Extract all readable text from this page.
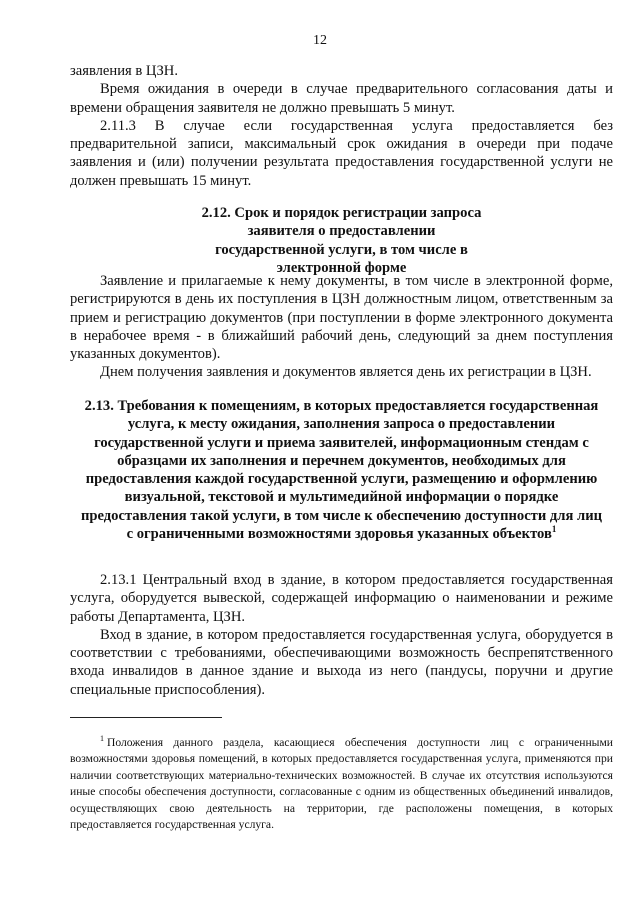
12

заявления в ЦЗН.

Время ожидания в очереди в случае предварительного согласования даты и времени обращения заявителя не должно превышать 5 минут.

2.11.3 В случае если государственная услуга предоставляется без предварительной записи, максимальный срок ожидания в очереди при подаче заявления и (или) получении результата предоставления государственной услуги не должен превышать 15 минут.

2.12. Срок и порядок регистрации запроса заявителя о предоставлении государственной услуги, в том числе в электронной форме

Заявление и прилагаемые к нему документы, в том числе в электронной форме, регистрируются в день их поступления в ЦЗН должностным лицом, ответственным за прием и регистрацию документов (при поступлении в форме электронного документа в нерабочее время - в ближайший рабочий день, следующий за днем поступления указанных документов).

Днем получения заявления и документов является день их регистрации в ЦЗН.

2.13. Требования к помещениям, в которых предоставляется государственная услуга, к месту ожидания, заполнения запроса о предоставлении государственной услуги и приема заявителей, информационным стендам с образцами их заполнения и перечнем документов, необходимых для предоставления каждой государственной услуги, размещению и оформлению визуальной, текстовой и мультимедийной информации о порядке предоставления такой услуги, в том числе к обеспечению доступности для лиц с ограниченными возможностями здоровья указанных объектов$^1$

2.13.1 Центральный вход в здание, в котором предоставляется государственная услуга, оборудуется вывеской, содержащей информацию о наименовании и режиме работы Департамента, ЦЗН.

Вход в здание, в котором предоставляется государственная услуга, оборудуется в соответствии с требованиями, обеспечивающими возможность беспрепятственного входа инвалидов в данное здание и выхода из него (пандусы, поручни и другие специальные приспособления).

$^1$ Положения данного раздела, касающиеся обеспечения доступности лиц с ограниченными возможностями здоровья помещений, в которых предоставляется государственная услуга, применяются при наличии соответствующих материально-технических возможностей. В случае их отсутствия используются иные способы обеспечения доступности, согласованные с одним из общественных объединений инвалидов, осуществляющих свою деятельность на территории, где расположены помещения, в которых предоставляется государственная услуга.
